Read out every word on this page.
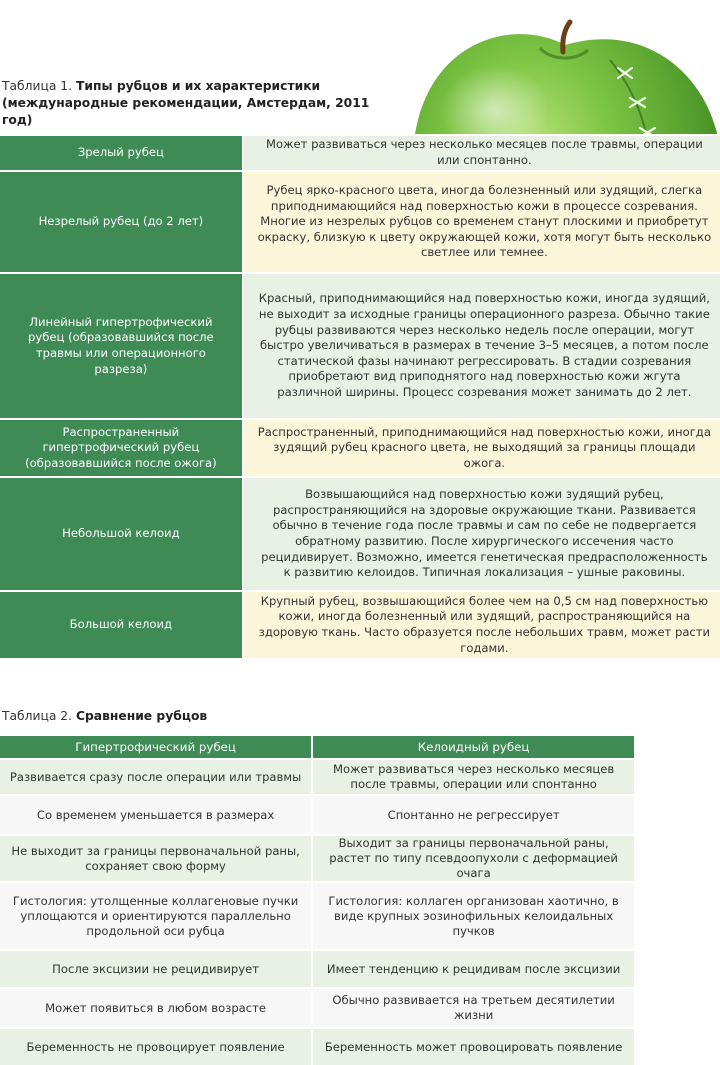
Таблица 1. Типы рубцов и их характеристики (международные рекомендации, Амстердам, 2011 год)
Зрелый рубец	Может развиваться через несколько месяцев после травмы, операции или спонтанно.
Незрелый рубец (до 2 лет)	Рубец ярко-красного цвета, иногда болезненный или зудящий, слегка приподнимающийся над поверхностью кожи в процессе созревания. Многие из незрелых рубцов со временем станут плоскими и приобретут окраску, близкую к цвету окружающей кожи, хотя могут быть несколько светлее или темнее.
Линейный гипертрофический рубец (образовавшийся после травмы или операционного разреза)	Красный, приподнимающийся над поверхностью кожи, иногда зудящий, не выходит за исходные границы операционного разреза. Обычно такие рубцы развиваются через несколько недель после операции, могут быстро увеличиваться в размерах в течение 3–5 месяцев, а потом после статической фазы начинают регрессировать. В стадии созревания приобретают вид приподнятого над поверхностью кожи жгута различной ширины. Процесс созревания может занимать до 2 лет.
Распространенный гипертрофический рубец (образовавшийся после ожога)	Распространенный, приподнимающийся над поверхностью кожи, иногда зудящий рубец красного цвета, не выходящий за границы площади ожога.
Небольшой келоид	Возвышающийся над поверхностью кожи зудящий рубец, распространяющийся на здоровые окружающие ткани. Развивается обычно в течение года после травмы и сам по себе не подвергается обратному развитию. После хирургического иссечения часто рецидивирует. Возможно, имеется генетическая предрасположенность к развитию келоидов. Типичная локализация – ушные раковины.
Большой келоид	Крупный рубец, возвышающийся более чем на 0,5 см над поверхностью кожи, иногда болезненный или зудящий, распространяющийся на здоровую ткань. Часто образуется после небольших травм, может расти годами.
Таблица 2. Сравнение рубцов
Гипертрофический рубец	Келоидный рубец
Развивается сразу после операции или травмы	Может развиваться через несколько месяцев после травмы, операции или спонтанно
Со временем уменьшается в размерах	Спонтанно не регрессирует
Не выходит за границы первоначальной раны, сохраняет свою форму	Выходит за границы первоначальной раны, растет по типу псевдоопухоли с деформацией очага
Гистология: утолщенные коллагеновые пучки уплощаются и ориентируются параллельно продольной оси рубца	Гистология: коллаген организован хаотично, в виде крупных эозинофильных келоидальных пучков
После эксцизии не рецидивирует	Имеет тенденцию к рецидивам после эксцизии
Может появиться в любом возрасте	Обычно развивается на третьем десятилетии жизни
Беременность не провоцирует появление	Беременность может провоцировать появление
